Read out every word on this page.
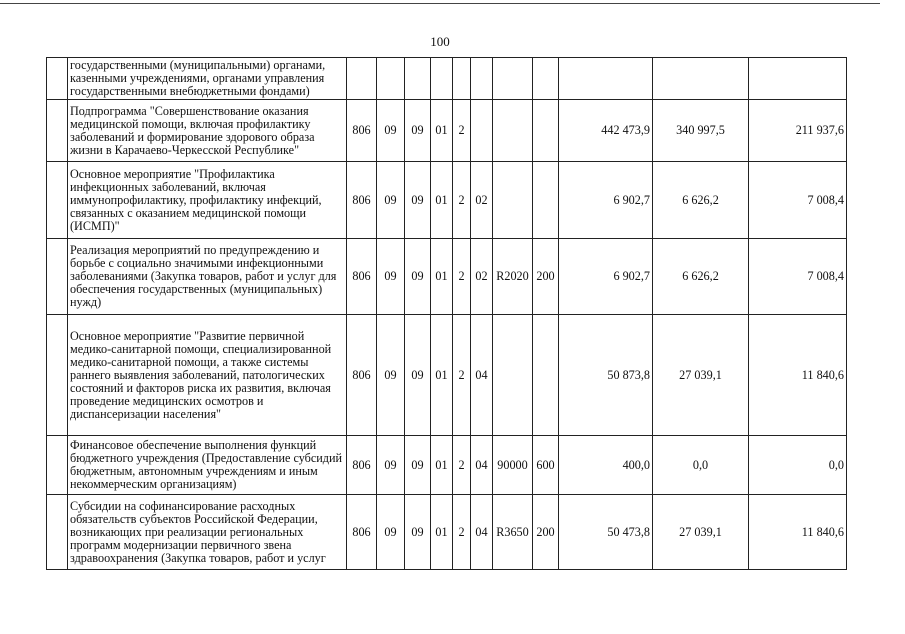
100
	государственными (муниципальными) органами, казенными учреждениями, органами управления государственными внебюджетными фондами)											
	Подпрограмма "Совершенствование оказания медицинской помощи, включая профилактику заболеваний и формирование здорового образа жизни в Карачаево-Черкесской Республике"	806	09	09	01	2				442 473,9	340 997,5	211 937,6
	Основное мероприятие "Профилактика инфекционных заболеваний, включая иммунопрофилактику, профилактику инфекций, связанных с оказанием медицинской помощи (ИСМП)"	806	09	09	01	2	02			6 902,7	6 626,2	7 008,4
	Реализация мероприятий по предупреждению и борьбе с социально значимыми инфекционными заболеваниями (Закупка товаров, работ и услуг для обеспечения государственных (муниципальных) нужд)	806	09	09	01	2	02	R2020	200	6 902,7	6 626,2	7 008,4
	Основное мероприятие "Развитие первичной медико-санитарной помощи, специализированной медико-санитарной помощи, а также системы раннего выявления заболеваний, патологических состояний и факторов риска их развития, включая проведение медицинских осмотров и диспансеризации населения"	806	09	09	01	2	04			50 873,8	27 039,1	11 840,6
	Финансовое обеспечение выполнения функций бюджетного учреждения (Предоставление субсидий бюджетным, автономным учреждениям и иным некоммерческим организациям)	806	09	09	01	2	04	90000	600	400,0	0,0	0,0
	Субсидии на софинансирование расходных обязательств субъектов Российской Федерации, возникающих при реализации региональных программ модернизации первичного звена здравоохранения (Закупка товаров, работ и услуг	806	09	09	01	2	04	R3650	200	50 473,8	27 039,1	11 840,6
